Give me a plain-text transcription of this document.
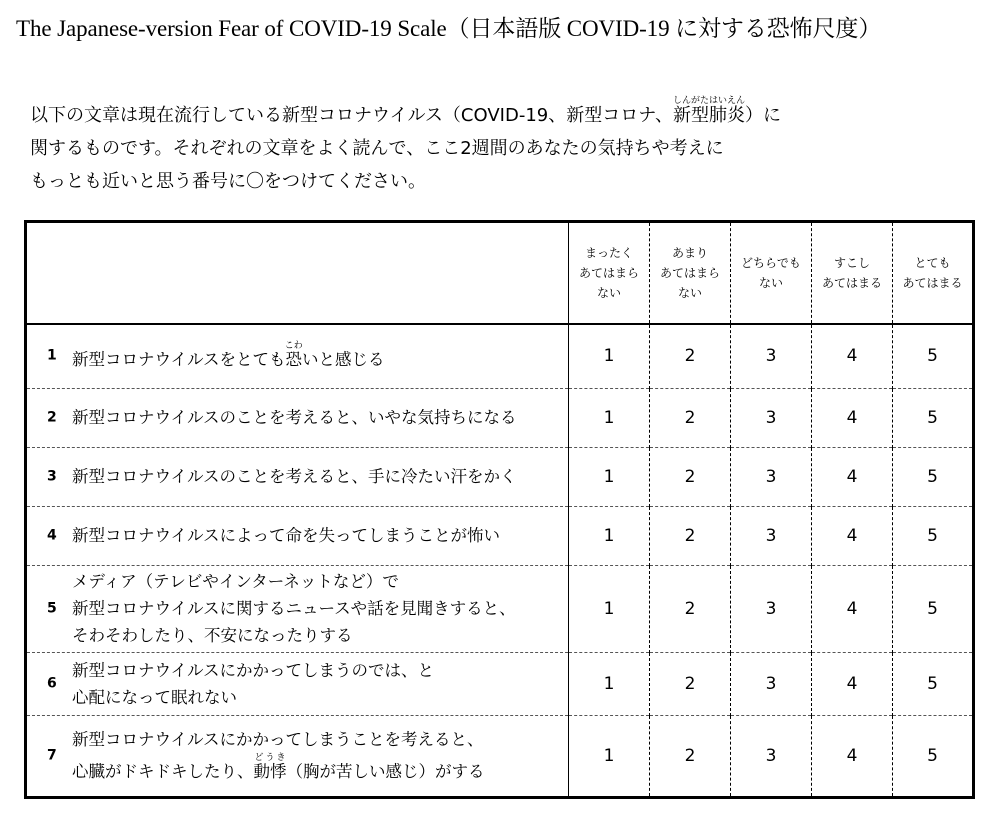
The Japanese-version Fear of COVID-19 Scale（日本語版 COVID-19 に対する恐怖尺度）
以下の文章は現在流行している新型コロナウイルス（COVID-19、新型コロナ、新型肺炎しんがたはいえん）に
関するものです。それぞれの文章をよく読んで、ここ2週間のあなたの気持ちや考えに
もっとも近いと思う番号に〇をつけてください。

	まったく
あてはまら
ない	あまり
あてはまら
ない	どちらでも
ない	すこし
あてはまる	とても
あてはまる

1 新型コロナウイルスをとても恐こわいと感じる	1	2	3	4	5

2 新型コロナウイルスのことを考えると、いやな気持ちになる	1	2	3	4	5

3 新型コロナウイルスのことを考えると、手に冷たい汗をかく	1	2	3	4	5

4 新型コロナウイルスによって命を失ってしまうことが怖い	1	2	3	4	5

5
メディア（テレビやインターネットなど）で
新型コロナウイルスに関するニュースや話を見聞きすると、
そわそわしたり、不安になったりする	1	2	3	4	5

6
新型コロナウイルスにかかってしまうのでは、と
心配になって眠れない	1	2	3	4	5

7
新型コロナウイルスにかかってしまうことを考えると、
心臓がドキドキしたり、動悸どうき（胸が苦しい感じ）がする	1	2	3	4	5
